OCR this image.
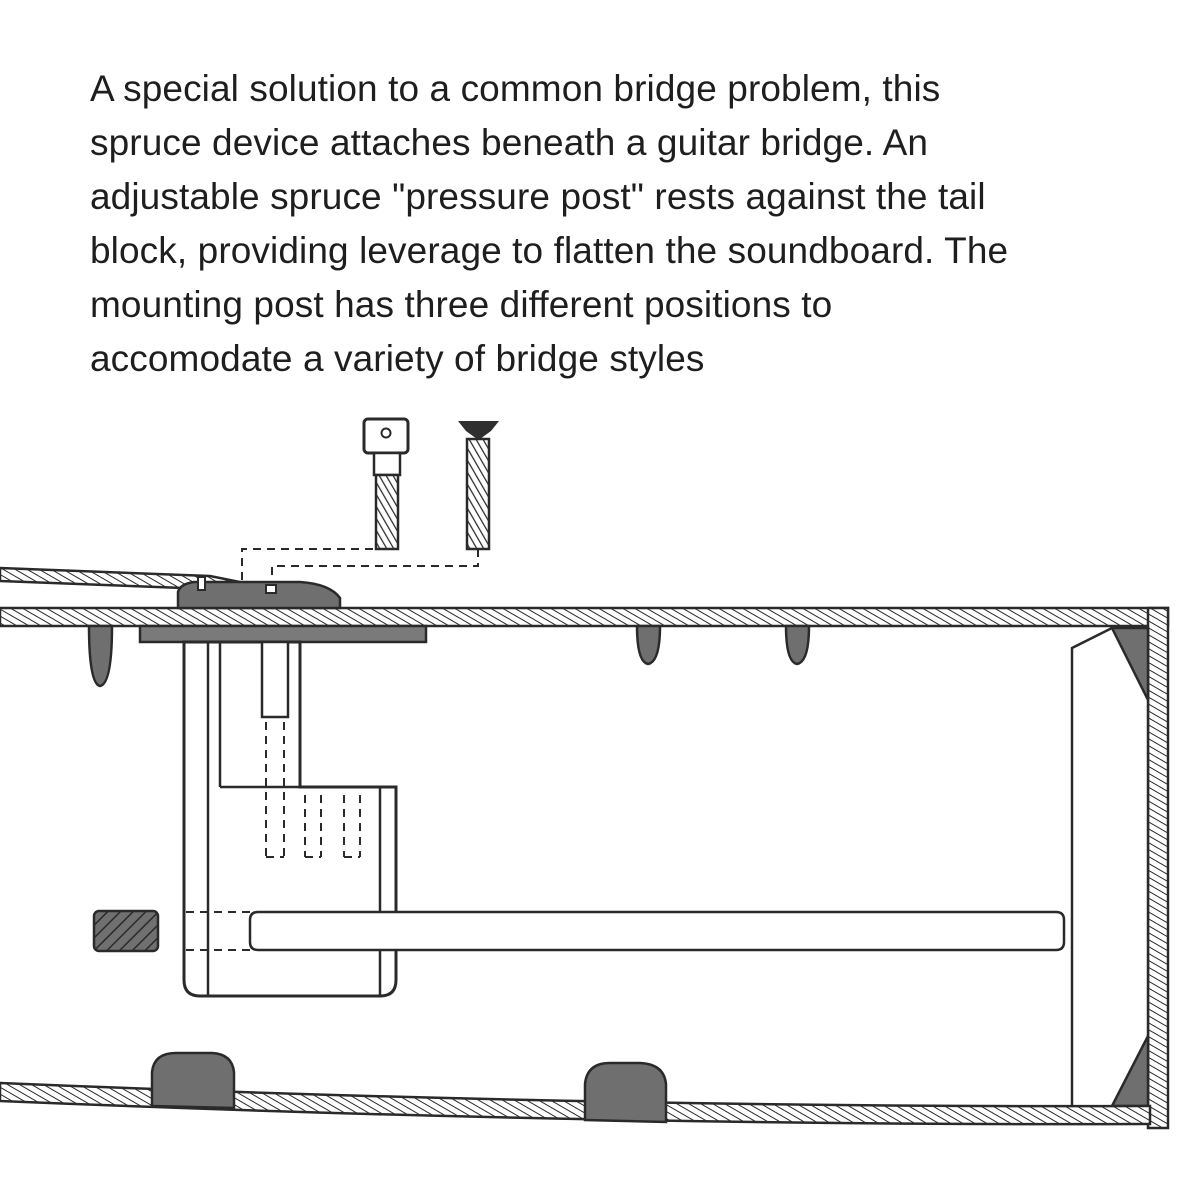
A special solution to a common bridge problem, this
spruce device attaches beneath a guitar bridge. An
adjustable spruce "pressure post" rests against the tail
block, providing leverage to flatten the soundboard. The
mounting post has three different positions to
accomodate a variety of bridge styles
